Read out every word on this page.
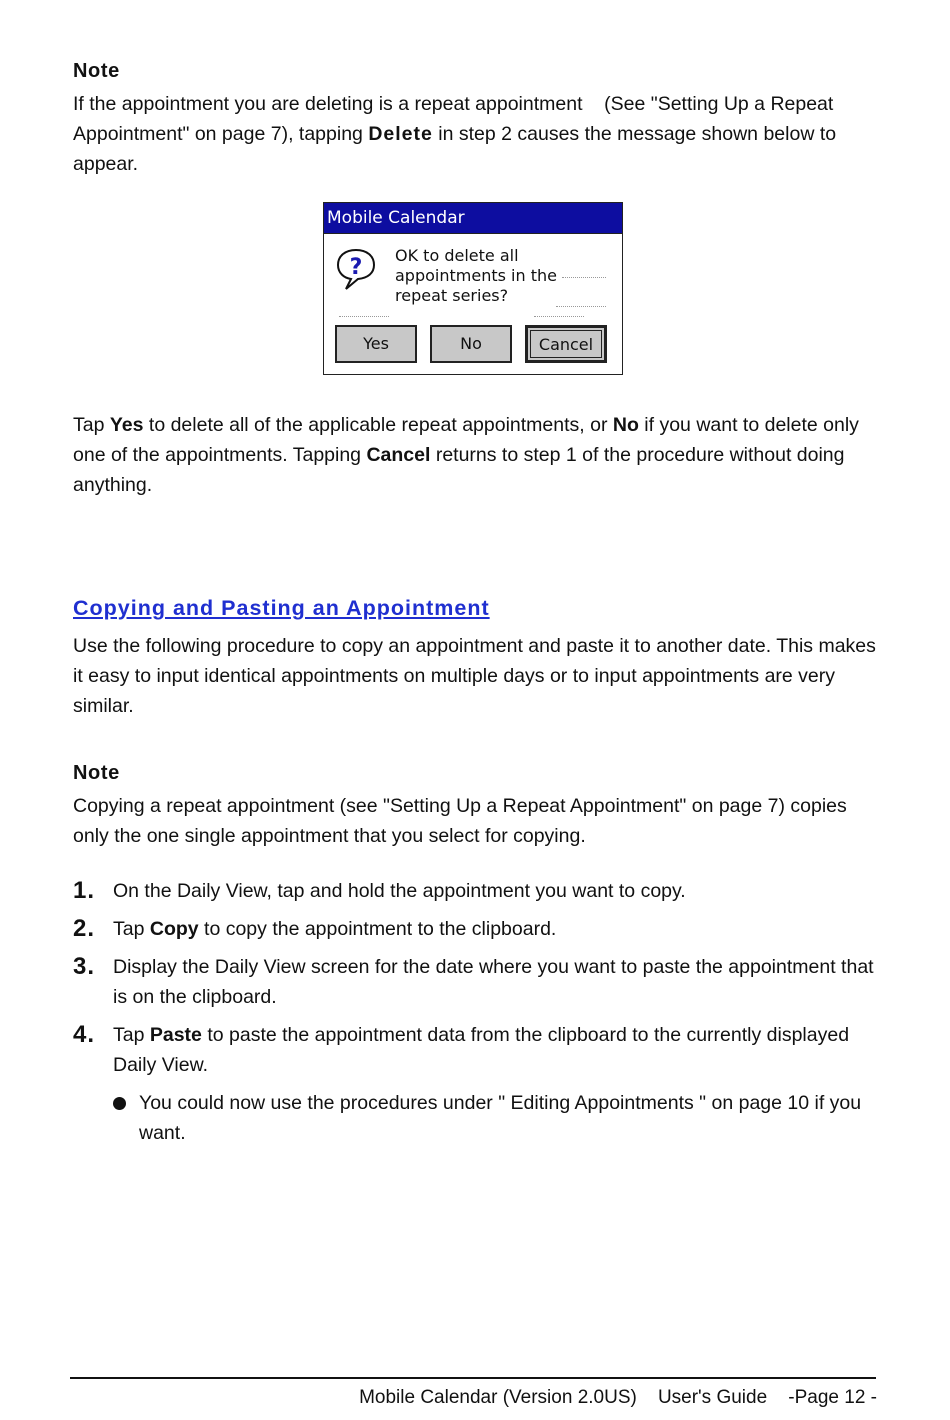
Note

If the appointment you are deleting is a repeat appointment    (See "Setting Up a Repeat Appointment" on page 7), tapping Delete in step 2 causes the message shown below to appear.

Tap Yes to delete all of the applicable repeat appointments, or No if you want to delete only one of the appointments. Tapping Cancel returns to step 1 of the procedure without doing anything.

Copying and Pasting an Appointment

Use the following procedure to copy an appointment and paste it to another date. This makes it easy to input identical appointments on multiple days or to input appointments are very similar.

Note

Copying a repeat appointment (see "Setting Up a Repeat Appointment" on page 7) copies only the one single appointment that you select for copying.

1. On the Daily View, tap and hold the appointment you want to copy.
2. Tap Copy to copy the appointment to the clipboard.
3. Display the Daily View screen for the date where you want to paste the appointment that is on the clipboard.
4. Tap Paste to paste the appointment data from the clipboard to the currently displayed Daily View.
You could now use the procedures under " Editing Appointments " on page 10 if you want.
Mobile Calendar
? OK to delete all
appointments in the
repeat series?
Yes	No	Cancel
Mobile Calendar (Version 2.0US)    User's Guide    -Page 12 -
